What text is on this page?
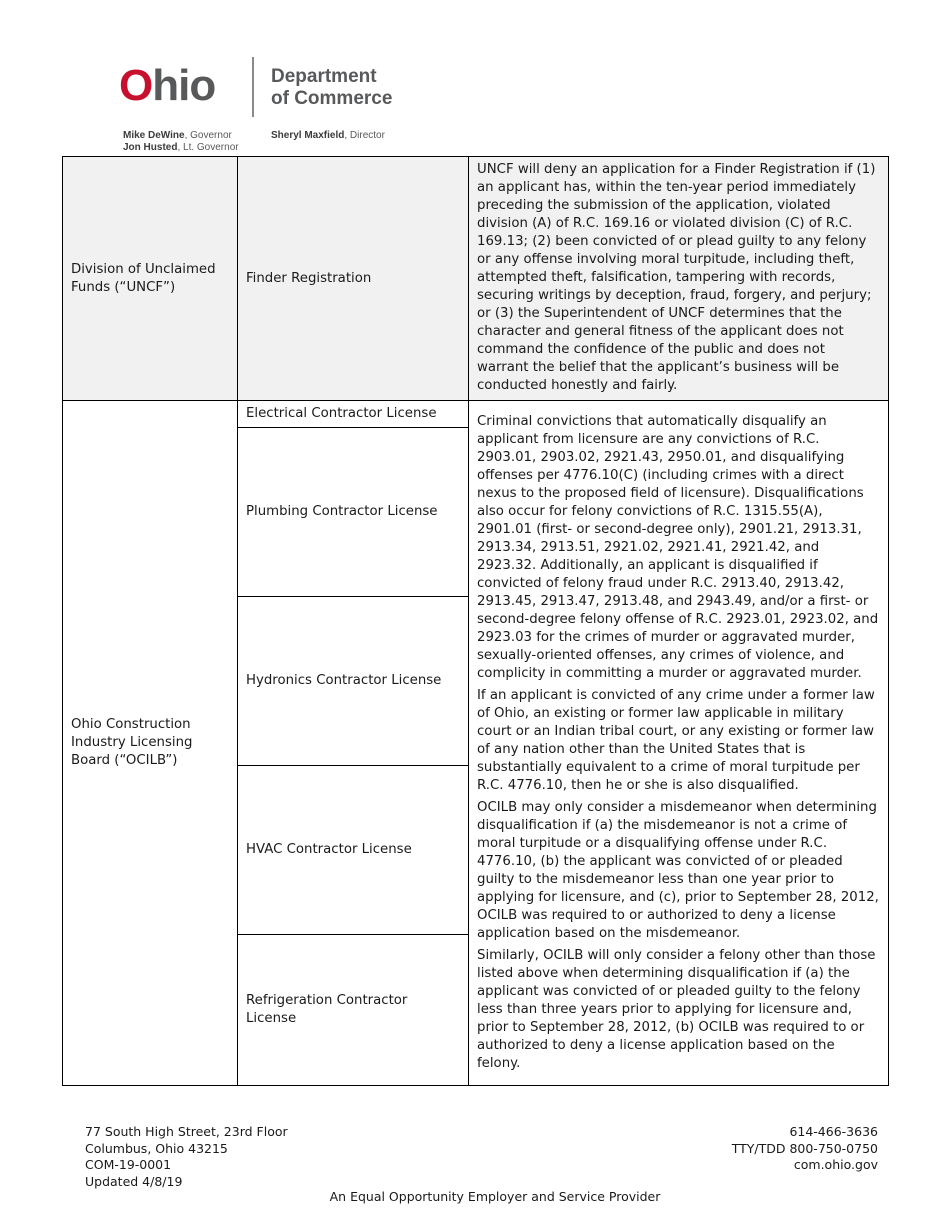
Ohio	Department
of Commerce
Mike DeWine, Governor
Jon Husted, Lt. Governor
Sheryl Maxfield, Director
Division of Unclaimed Funds (“UNCF”)	Finder Registration	UNCF will deny an application for a Finder Registration if (1) an applicant has, within the ten-year period immediately preceding the submission of the application, violated division (A) of R.C. 169.16 or violated division (C) of R.C. 169.13; (2) been convicted of or plead guilty to any felony or any offense involving moral turpitude, including theft, attempted theft, falsification, tampering with records, securing writings by deception, fraud, forgery, and perjury; or (3) the Superintendent of UNCF determines that the character and general fitness of the applicant does not command the confidence of the public and does not warrant the belief that the applicant’s business will be conducted honestly and fairly.

Ohio Construction Industry Licensing Board (“OCILB”)	Electrical Contractor License	Criminal convictions that automatically disqualify an applicant from licensure are any convictions of R.C. 2903.01, 2903.02, 2921.43, 2950.01, and disqualifying offenses per 4776.10(C) (including crimes with a direct nexus to the proposed field of licensure). Disqualifications also occur for felony convictions of R.C. 1315.55(A), 2901.01 (first- or second-degree only), 2901.21, 2913.31, 2913.34, 2913.51, 2921.02, 2921.41, 2921.42, and 2923.32. Additionally, an applicant is disqualified if convicted of felony fraud under R.C. 2913.40, 2913.42, 2913.45, 2913.47, 2913.48, and 2943.49, and/or a first- or second-degree felony offense of R.C. 2923.01, 2923.02, and 2923.03 for the crimes of murder or aggravated murder, sexually-oriented offenses, any crimes of violence, and complicity in committing a murder or aggravated murder.

If an applicant is convicted of any crime under a former law of Ohio, an existing or former law applicable in military court or an Indian tribal court, or any existing or former law of any nation other than the United States that is substantially equivalent to a crime of moral turpitude per R.C. 4776.10, then he or she is also disqualified.

OCILB may only consider a misdemeanor when determining disqualification if (a) the misdemeanor is not a crime of moral turpitude or a disqualifying offense under R.C. 4776.10, (b) the applicant was convicted of or pleaded guilty to the misdemeanor less than one year prior to applying for licensure, and (c), prior to September 28, 2012, OCILB was required to or authorized to deny a license application based on the misdemeanor.

Similarly, OCILB will only consider a felony other than those listed above when determining disqualification if (a) the applicant was convicted of or pleaded guilty to the felony less than three years prior to applying for licensure and, prior to September 28, 2012, (b) OCILB was required to or authorized to deny a license application based on the felony.

	Plumbing Contractor License	
	Hydronics Contractor License	
	HVAC Contractor License	
	Refrigeration Contractor License	
77 South High Street, 23rd Floor
Columbus, Ohio 43215
COM-19-0001
Updated 4/8/19
614-466-3636
TTY/TDD 800-750-0750
com.ohio.gov
An Equal Opportunity Employer and Service Provider
